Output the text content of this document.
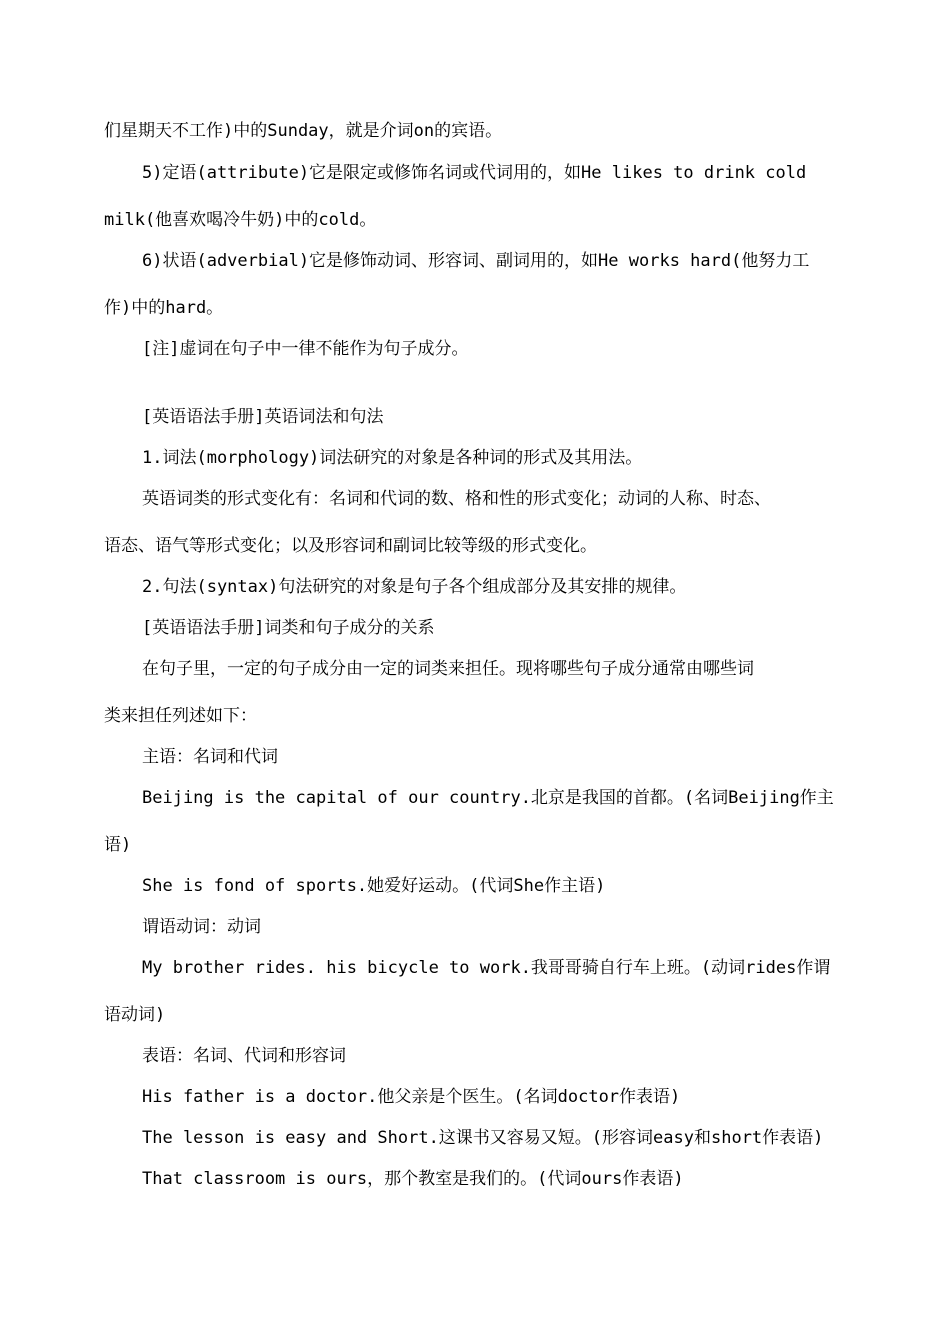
们星期天不工作)中的Sunday，就是介词on的宾语。

5)定语(attribute)它是限定或修饰名词或代词用的，如He likes to drink cold

milk(他喜欢喝冷牛奶)中的cold。

6)状语(adverbial)它是修饰动词、形容词、副词用的，如He works hard(他努力工

作)中的hard。

[注]虚词在句子中一律不能作为句子成分。

[英语语法手册]英语词法和句法

1.词法(morphology)词法研究的对象是各种词的形式及其用法。

英语词类的形式变化有：名词和代词的数、格和性的形式变化；动词的人称、时态、

语态、语气等形式变化；以及形容词和副词比较等级的形式变化。

2.句法(syntax)句法研究的对象是句子各个组成部分及其安排的规律。

[英语语法手册]词类和句子成分的关系

在句子里，一定的句子成分由一定的词类来担任。现将哪些句子成分通常由哪些词

类来担任列述如下：

主语：名词和代词

Beijing is the capital of our country.北京是我国的首都。(名词Beijing作主

语)

She is fond of sports.她爱好运动。(代词She作主语)

谓语动词：动词

My brother rides. his bicycle to work.我哥哥骑自行车上班。(动词rides作谓

语动词)

表语：名词、代词和形容词

His father is a doctor.他父亲是个医生。(名词doctor作表语)

The lesson is easy and Short.这课书又容易又短。(形容词easy和short作表语)

That classroom is ours，那个教室是我们的。(代词ours作表语)
